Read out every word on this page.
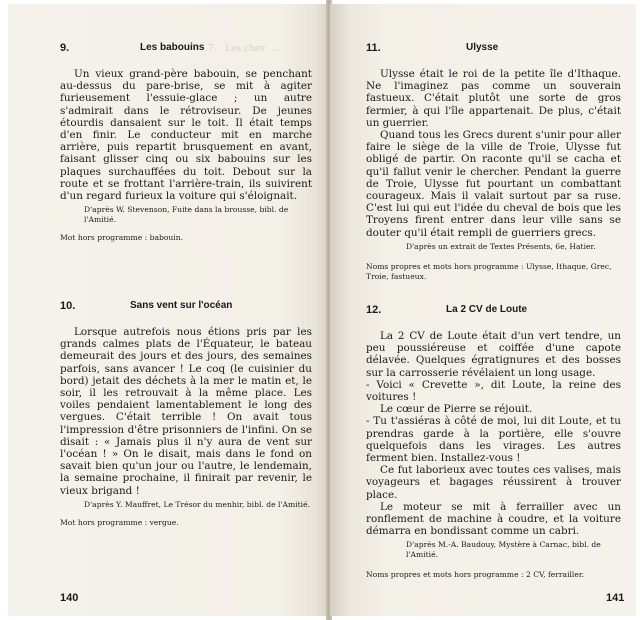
7.   Les chev ....
9.	Les babouins

Un vieux grand-père babouin, se penchant au-dessus du pare-brise, se mit à agiter furieusement l'essuie-glace ; un autre s'admirait dans le rétroviseur. De jeunes étourdis dansaient sur le toit. Il était temps d'en finir. Le conducteur mit en marche arrière, puis repartit brusquement en avant, faisant glisser cinq ou six babouins sur les plaques surchauffées du toit. Debout sur la route et se frottant l'arrière-train, ils suivirent d'un regard furieux la voiture qui s'éloignait.

D'après W. Stevenson, Fuite dans la brousse, bibl. de l'Amitié.
Mot hors programme : babouin.
10.	Sans vent sur l'océan

Lorsque autrefois nous étions pris par les grands calmes plats de l'Équateur, le bateau demeurait des jours et des jours, des semaines parfois, sans avancer ! Le coq (le cuisinier du bord) jetait des déchets à la mer le matin et, le soir, il les retrouvait à la même place. Les voiles pendaient lamentablement le long des vergues. C'était terrible ! On avait tous l'impression d'être prisonniers de l'infini. On se disait : « Jamais plus il n'y aura de vent sur l'océan ! » On le disait, mais dans le fond on savait bien qu'un jour ou l'autre, le lendemain, la semaine prochaine, il finirait par revenir, le vieux brigand !

D'après Y. Mauffret, Le Trésor du menhir, bibl. de l'Amitié.
Mot hors programme : vergue.
140
11.	Ulysse

Ulysse était le roi de la petite île d'Ithaque. Ne l'imaginez pas comme un souverain fastueux. C'était plutôt une sorte de gros fermier, à qui l'île appartenait. De plus, c'était un guerrier.

Quand tous les Grecs durent s'unir pour aller faire le siège de la ville de Troie, Ulysse fut obligé de partir. On raconte qu'il se cacha et qu'il fallut venir le chercher. Pendant la guerre de Troie, Ulysse fut pourtant un combattant courageux. Mais il valait surtout par sa ruse. C'est lui qui eut l'idée du cheval de bois que les Troyens firent entrer dans leur ville sans se douter qu'il était rempli de guerriers grecs.

D'après un extrait de Textes Présents, 6e, Hatier.
Noms propres et mots hors programme : Ulysse, Ithaque, Grec, Troie, fastueux.
12.	La 2 CV de Loute

La 2 CV de Loute était d'un vert tendre, un peu poussiéreuse et coiffée d'une capote délavée. Quelques égratignures et des bosses sur la carrosserie révélaient un long usage.

- Voici « Crevette », dit Loute, la reine des voitures !

Le cœur de Pierre se réjouit.

- Tu t'assiéras à côté de moi, lui dit Loute, et tu prendras garde à la portière, elle s'ouvre quelquefois dans les virages. Les autres ferment bien. Installez-vous !

Ce fut laborieux avec toutes ces valises, mais voyageurs et bagages réussirent à trouver place.

Le moteur se mit à ferrailler avec un ronflement de machine à coudre, et la voiture démarra en bondissant comme un cabri.

D'après M.-A. Baudouy, Mystère à Carnac, bibl. de l'Amitié.
Noms propres et mots hors programme : 2 CV, ferrailler.
141
